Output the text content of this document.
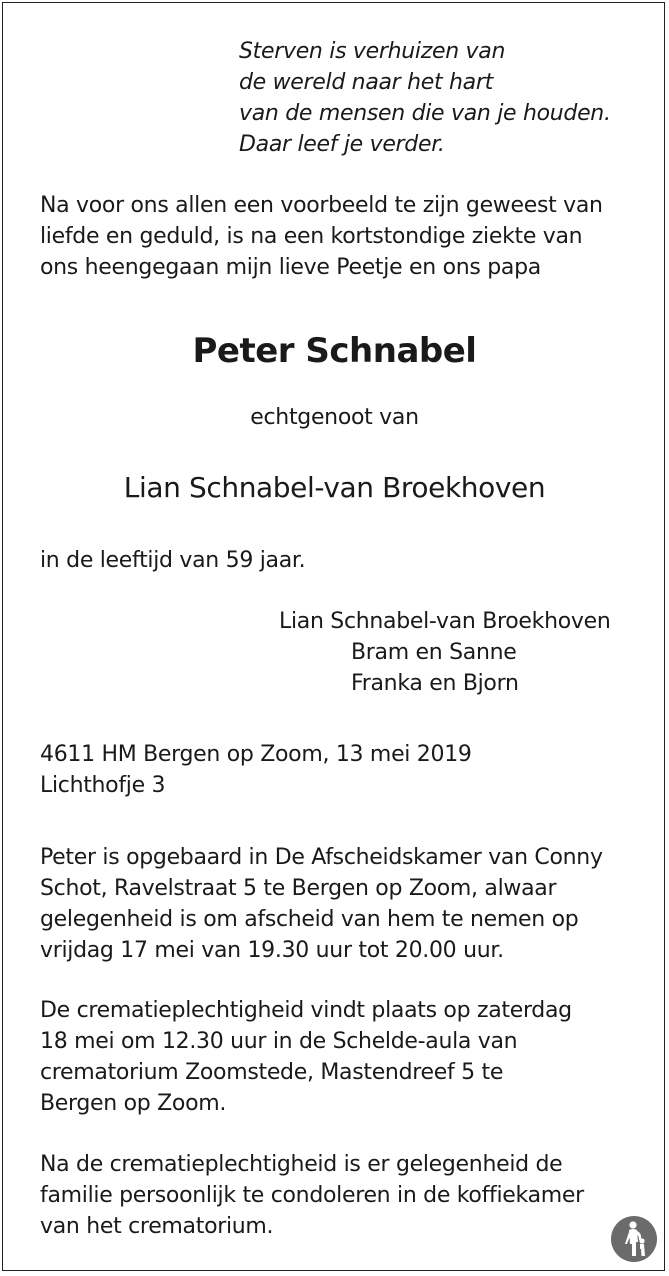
Sterven is verhuizen van
de wereld naar het hart
van de mensen die van je houden.
Daar leef je verder.
Na voor ons allen een voorbeeld te zijn geweest van
liefde en geduld, is na een kortstondige ziekte van
ons heengegaan mijn lieve Peetje en ons papa
Peter Schnabel
echtgenoot van
Lian Schnabel-van Broekhoven
in de leeftijd van 59 jaar.
Lian Schnabel-van Broekhoven
Bram en Sanne
Franka en Bjorn
4611 HM Bergen op Zoom, 13 mei 2019
Lichthofje 3
Peter is opgebaard in De Afscheidskamer van Conny
Schot, Ravelstraat 5 te Bergen op Zoom, alwaar
gelegenheid is om afscheid van hem te nemen op
vrijdag 17 mei van 19.30 uur tot 20.00 uur.
De crematieplechtigheid vindt plaats op zaterdag
18 mei om 12.30 uur in de Schelde-aula van
crematorium Zoomstede, Mastendreef 5 te
Bergen op Zoom.
Na de crematieplechtigheid is er gelegenheid de
familie persoonlijk te condoleren in de koffiekamer
van het crematorium.
